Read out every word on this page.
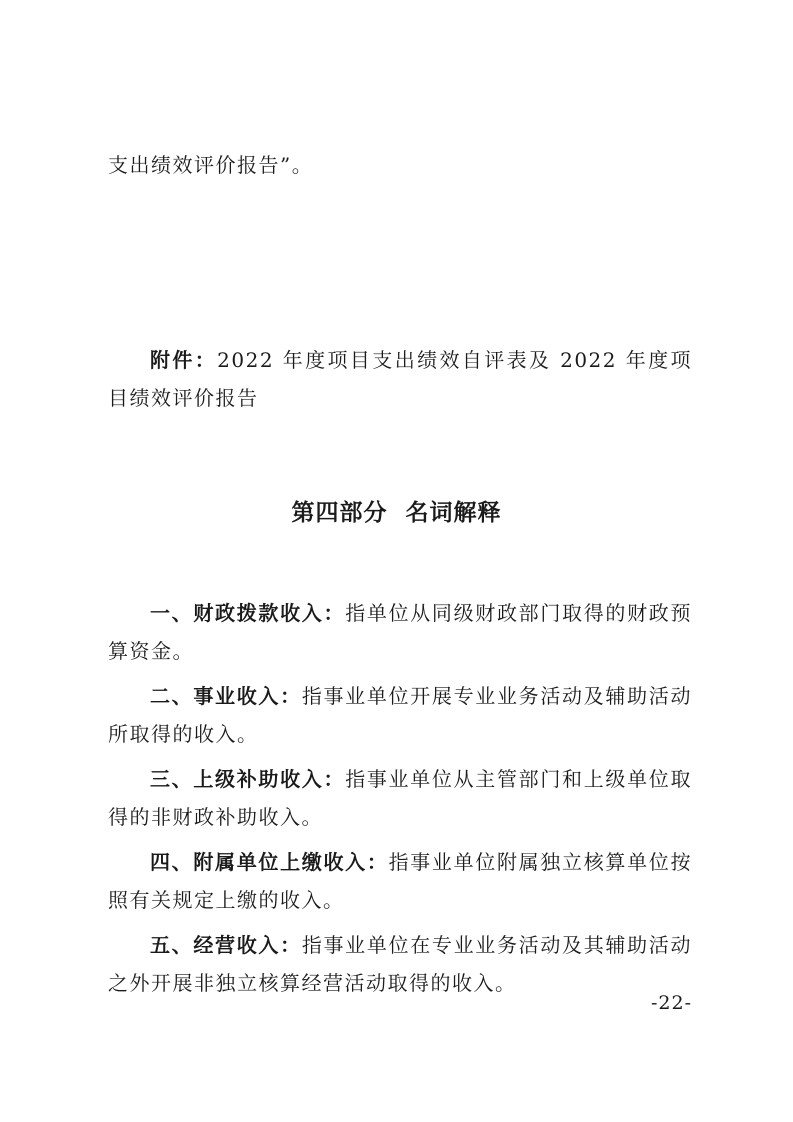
支出绩效评价报告”。
附件：2022 年度项目支出绩效自评表及 2022 年度项目绩效评价报告
第四部分  名词解释

一、财政拨款收入：指单位从同级财政部门取得的财政预算资金。

二、事业收入：指事业单位开展专业业务活动及辅助活动所取得的收入。

三、上级补助收入：指事业单位从主管部门和上级单位取得的非财政补助收入。

四、附属单位上缴收入：指事业单位附属独立核算单位按照有关规定上缴的收入。

五、经营收入：指事业单位在专业业务活动及其辅助活动之外开展非独立核算经营活动取得的收入。

-22-
